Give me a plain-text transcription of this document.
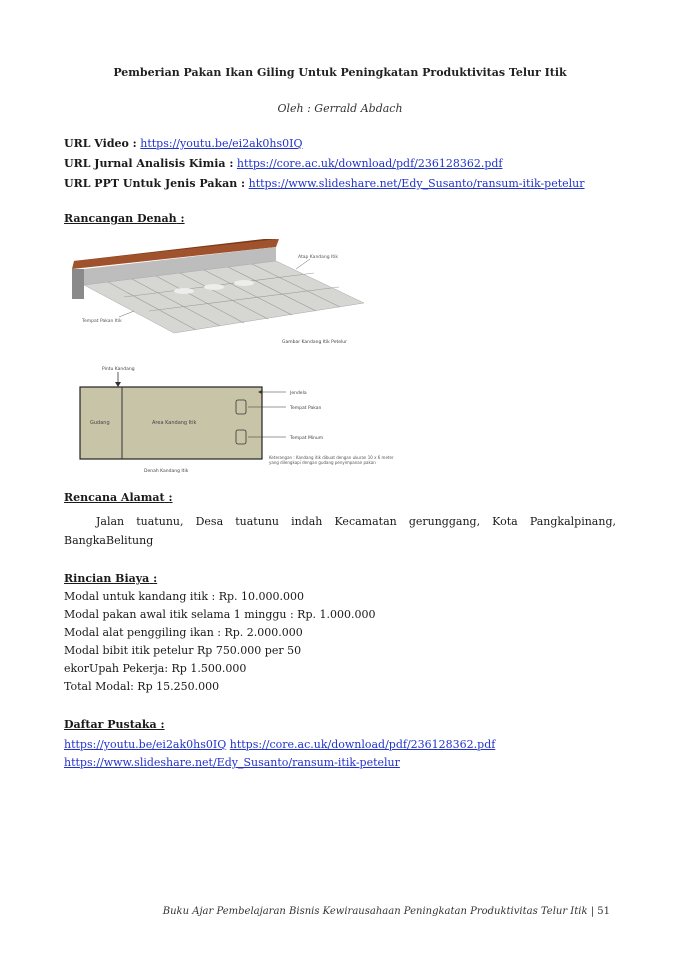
Pemberian Pakan Ikan Giling Untuk Peningkatan Produktivitas Telur Itik
Oleh : Gerrald Abdach
URL Video : https://youtu.be/ei2ak0hs0IQ
URL Jurnal Analisis Kimia : https://core.ac.uk/download/pdf/236128362.pdf
URL PPT Untuk Jenis Pakan : https://www.slideshare.net/Edy_Susanto/ransum-itik-petelur
Rancangan Denah :
Atap Kandang Itik
Tempat Pakan Itik
Gambar Kandang Itik Petelur
Pintu Kandang
Gudang	Area Kandang Itik
Jendela
Tempat Pakan
Tempat Minum
Denah Kandang Itik
Keterangan : Kandang itik dibuat dengan ukuran 10 x 6 meter yang dilengkapi dengan gudang penyimpanan pakan
Rencana Alamat :
Jalan tuatunu, Desa tuatunu indah Kecamatan gerunggang, Kota Pangkalpinang, BangkaBelitung
Rincian Biaya :
Modal untuk kandang itik : Rp. 10.000.000
Modal pakan awal itik selama 1 minggu : Rp. 1.000.000
Modal alat penggiling ikan : Rp. 2.000.000
Modal bibit itik petelur Rp 750.000 per 50
ekorUpah Pekerja: Rp 1.500.000
Total Modal: Rp 15.250.000
Daftar Pustaka :
https://youtu.be/ei2ak0hs0IQ https://core.ac.uk/download/pdf/236128362.pdf
https://www.slideshare.net/Edy_Susanto/ransum-itik-petelur
Buku Ajar Pembelajaran Bisnis Kewirausahaan Peningkatan Produktivitas Telur Itik | 51
